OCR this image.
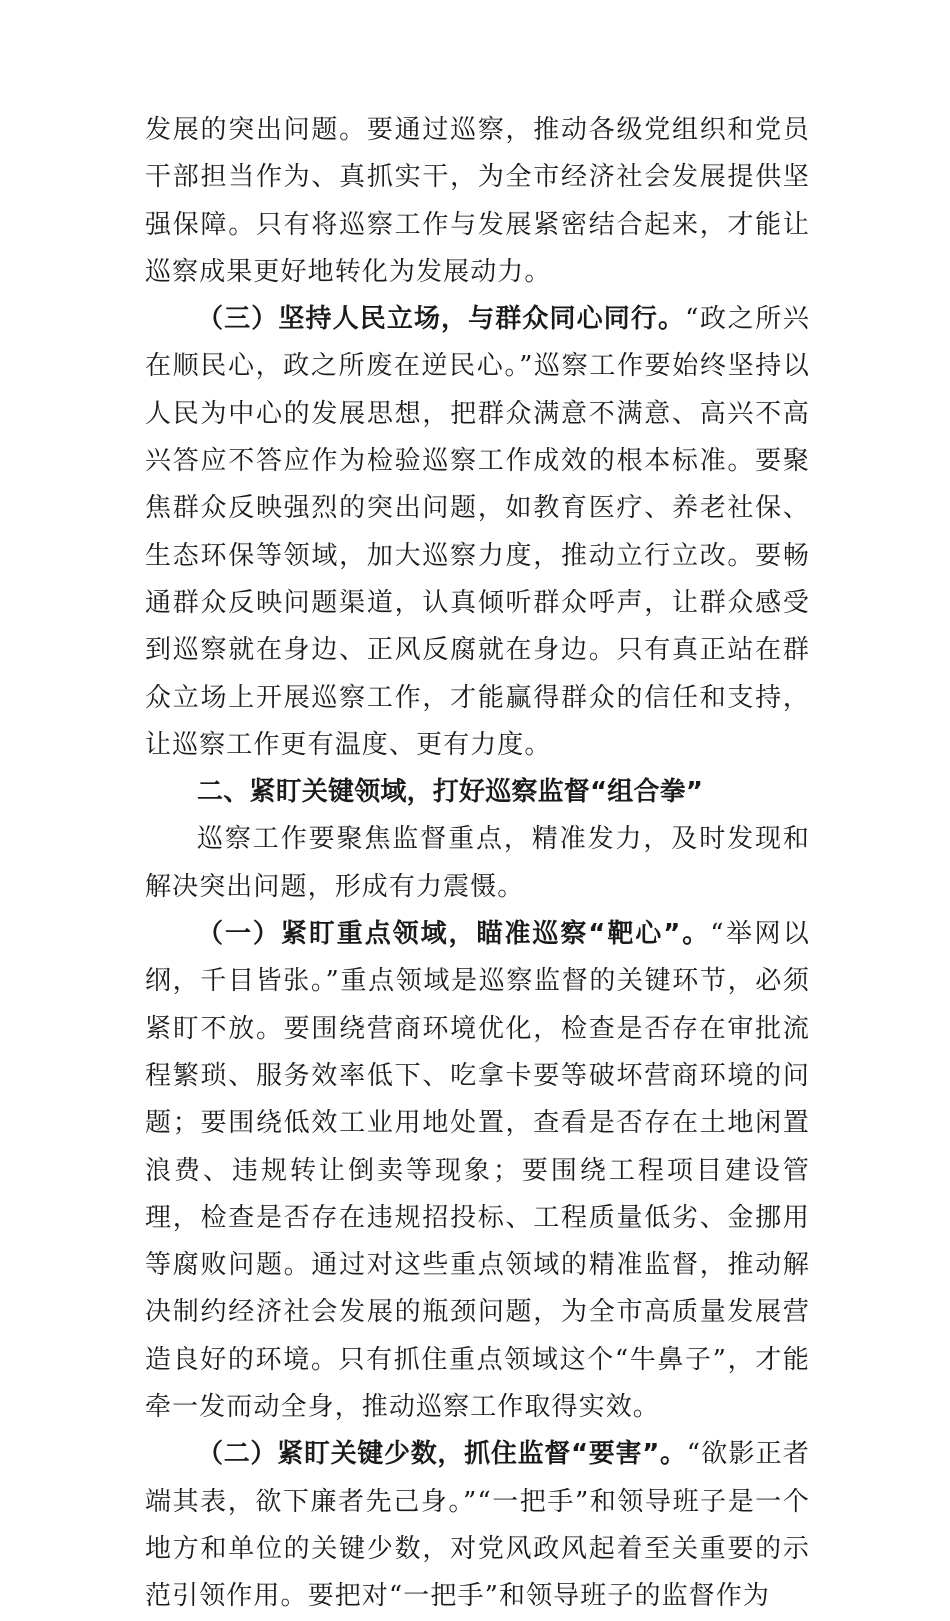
发展的突出问题。要通过巡察，推动各级党组织和党员干部担当作为、真抓实干，为全市经济社会发展提供坚强保障。只有将巡察工作与发展紧密结合起来，才能让巡察成果更好地转化为发展动力。

（三）坚持人民立场，与群众同心同行。“政之所兴在顺民心，政之所废在逆民心。”巡察工作要始终坚持以人民为中心的发展思想，把群众满意不满意、高兴不高兴答应不答应作为检验巡察工作成效的根本标准。要聚焦群众反映强烈的突出问题，如教育医疗、养老社保、生态环保等领域，加大巡察力度，推动立行立改。要畅通群众反映问题渠道，认真倾听群众呼声，让群众感受到巡察就在身边、正风反腐就在身边。只有真正站在群众立场上开展巡察工作，才能赢得群众的信任和支持，让巡察工作更有温度、更有力度。

二、紧盯关键领域，打好巡察监督“组合拳”

巡察工作要聚焦监督重点，精准发力，及时发现和解决突出问题，形成有力震慑。

（一）紧盯重点领域，瞄准巡察“靶心”。“举网以纲，千目皆张。”重点领域是巡察监督的关键环节，必须紧盯不放。要围绕营商环境优化，检查是否存在审批流程繁琐、服务效率低下、吃拿卡要等破坏营商环境的问题；要围绕低效工业用地处置，查看是否存在土地闲置浪费、违规转让倒卖等现象；要围绕工程项目建设管理，检查是否存在违规招投标、工程质量低劣、金挪用等腐败问题。通过对这些重点领域的精准监督，推动解决制约经济社会发展的瓶颈问题，为全市高质量发展营造良好的环境。只有抓住重点领域这个“牛鼻子”，才能牵一发而动全身，推动巡察工作取得实效。

（二）紧盯关键少数，抓住监督“要害”。“欲影正者端其表，欲下廉者先己身。”“一把手”和领导班子是一个地方和单位的关键少数，对党风政风起着至关重要的示范引领作用。要把对“一把手”和领导班子的监督作为
